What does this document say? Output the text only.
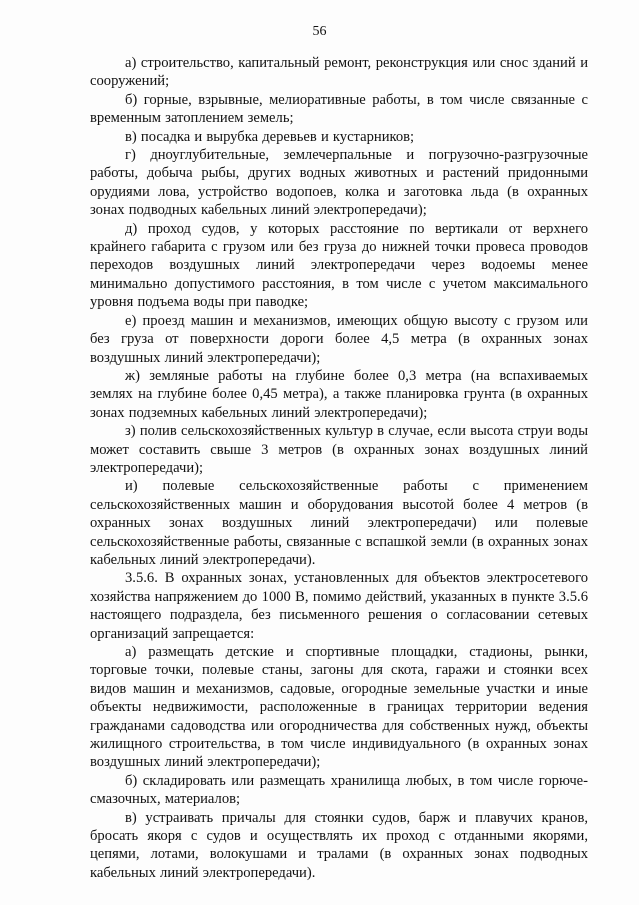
56

а) строительство, капитальный ремонт, реконструкция или снос зданий и сооружений;

б) горные, взрывные, мелиоративные работы, в том числе связанные с временным затоплением земель;

в) посадка и вырубка деревьев и кустарников;

г) дноуглубительные, землечерпальные и погрузочно-разгрузочные работы, добыча рыбы, других водных животных и растений придонными орудиями лова, устройство водопоев, колка и заготовка льда (в охранных зонах подводных кабельных линий электропередачи);

д) проход судов, у которых расстояние по вертикали от верхнего крайнего габарита с грузом или без груза до нижней точки провеса проводов переходов воздушных линий электропередачи через водоемы менее минимально допустимого расстояния, в том числе с учетом максимального уровня подъема воды при паводке;

е) проезд машин и механизмов, имеющих общую высоту с грузом или без груза от поверхности дороги более 4,5 метра (в охранных зонах воздушных линий электропередачи);

ж) земляные работы на глубине более 0,3 метра (на вспахиваемых землях на глубине более 0,45 метра), а также планировка грунта (в охранных зонах подземных кабельных линий электропередачи);

з) полив сельскохозяйственных культур в случае, если высота струи воды может составить свыше 3 метров (в охранных зонах воздушных линий электропередачи);

и) полевые сельскохозяйственные работы с применением сельскохозяйственных машин и оборудования высотой более 4 метров (в охранных зонах воздушных линий электропередачи) или полевые сельскохозяйственные работы, связанные с вспашкой земли (в охранных зонах кабельных линий электропередачи).

3.5.6. В охранных зонах, установленных для объектов электросетевого хозяйства напряжением до 1000 В, помимо действий, указанных в пункте 3.5.6 настоящего подраздела, без письменного решения о согласовании сетевых организаций запрещается:

а) размещать детские и спортивные площадки, стадионы, рынки, торговые точки, полевые станы, загоны для скота, гаражи и стоянки всех видов машин и механизмов, садовые, огородные земельные участки и иные объекты недвижимости, расположенные в границах территории ведения гражданами садоводства или огородничества для собственных нужд, объекты жилищного строительства, в том числе индивидуального (в охранных зонах воздушных линий электропередачи);

б) складировать или размещать хранилища любых, в том числе горюче-смазочных, материалов;

в) устраивать причалы для стоянки судов, барж и плавучих кранов, бросать якоря с судов и осуществлять их проход с отданными якорями, цепями, лотами, волокушами и тралами (в охранных зонах подводных кабельных линий электропередачи).
